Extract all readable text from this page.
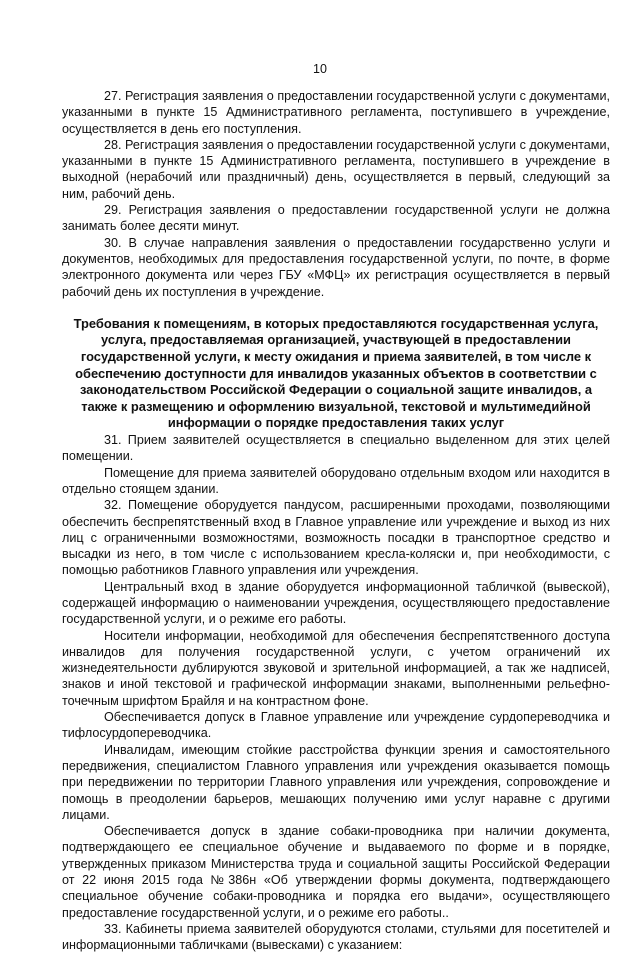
10

27. Регистрация заявления о предоставлении государственной услуги с документами, указанными в пункте 15 Административного регламента, поступившего в учреждение, осуществляется в день его поступления.

28. Регистрация заявления о предоставлении государственной услуги с документами, указанными в пункте 15 Административного регламента, поступившего в учреждение в выходной (нерабочий или праздничный) день, осуществляется в первый, следующий за ним, рабочий день.

29. Регистрация заявления о предоставлении государственной услуги не должна занимать более десяти минут.

30. В случае направления заявления о предоставлении государственно услуги и документов, необходимых для предоставления государственной услуги, по почте, в форме электронного документа или через ГБУ «МФЦ» их регистрация осуществляется в первый рабочий день их поступления в учреждение.

Требования к помещениям, в которых предоставляются государственная услуга, услуга, предоставляемая организацией, участвующей в предоставлении государственной услуги, к месту ожидания и приема заявителей, в том числе к обеспечению доступности для инвалидов указанных объектов в соответствии с законодательством Российской Федерации о социальной защите инвалидов, а также к размещению и оформлению визуальной, текстовой и мультимедийной информации о порядке предоставления таких услуг

31. Прием заявителей осуществляется в специально выделенном для этих целей помещении.

Помещение для приема заявителей оборудовано отдельным входом или находится в отдельно стоящем здании.

32. Помещение оборудуется пандусом, расширенными проходами, позволяющими обеспечить беспрепятственный вход в Главное управление или учреждение и выход из них лиц с ограниченными возможностями, возможность посадки в транспортное средство и высадки из него, в том числе с использованием кресла-коляски и, при необходимости, с помощью работников Главного управления или учреждения.

Центральный вход в здание оборудуется информационной табличкой (вывеской), содержащей информацию о наименовании учреждения, осуществляющего предоставление государственной услуги, и о режиме его работы.

Носители информации, необходимой для обеспечения беспрепятственного доступа инвалидов для получения государственной услуги, с учетом ограничений их жизнедеятельности дублируются звуковой и зрительной информацией, а так же надписей, знаков и иной текстовой и графической информации знаками, выполненными рельефно-точечным шрифтом Брайля и на контрастном фоне.

Обеспечивается допуск в Главное управление или учреждение сурдопереводчика и тифлосурдопереводчика.

Инвалидам, имеющим стойкие расстройства функции зрения и самостоятельного передвижения, специалистом Главного управления или учреждения оказывается помощь при передвижении по территории Главного управления или учреждения, сопровождение и помощь в преодолении барьеров, мешающих получению ими услуг наравне с другими лицами.

Обеспечивается допуск в здание собаки-проводника при наличии документа, подтверждающего ее специальное обучение и выдаваемого по форме и в порядке, утвержденных приказом Министерства труда и социальной защиты Российской Федерации от 22 июня 2015 года №386н «Об утверждении формы документа, подтверждающего специальное обучение собаки-проводника и порядка его выдачи», осуществляющего предоставление государственной услуги, и о режиме его работы..

33. Кабинеты приема заявителей оборудуются столами, стульями для посетителей и информационными табличками (вывесками) с указанием:
